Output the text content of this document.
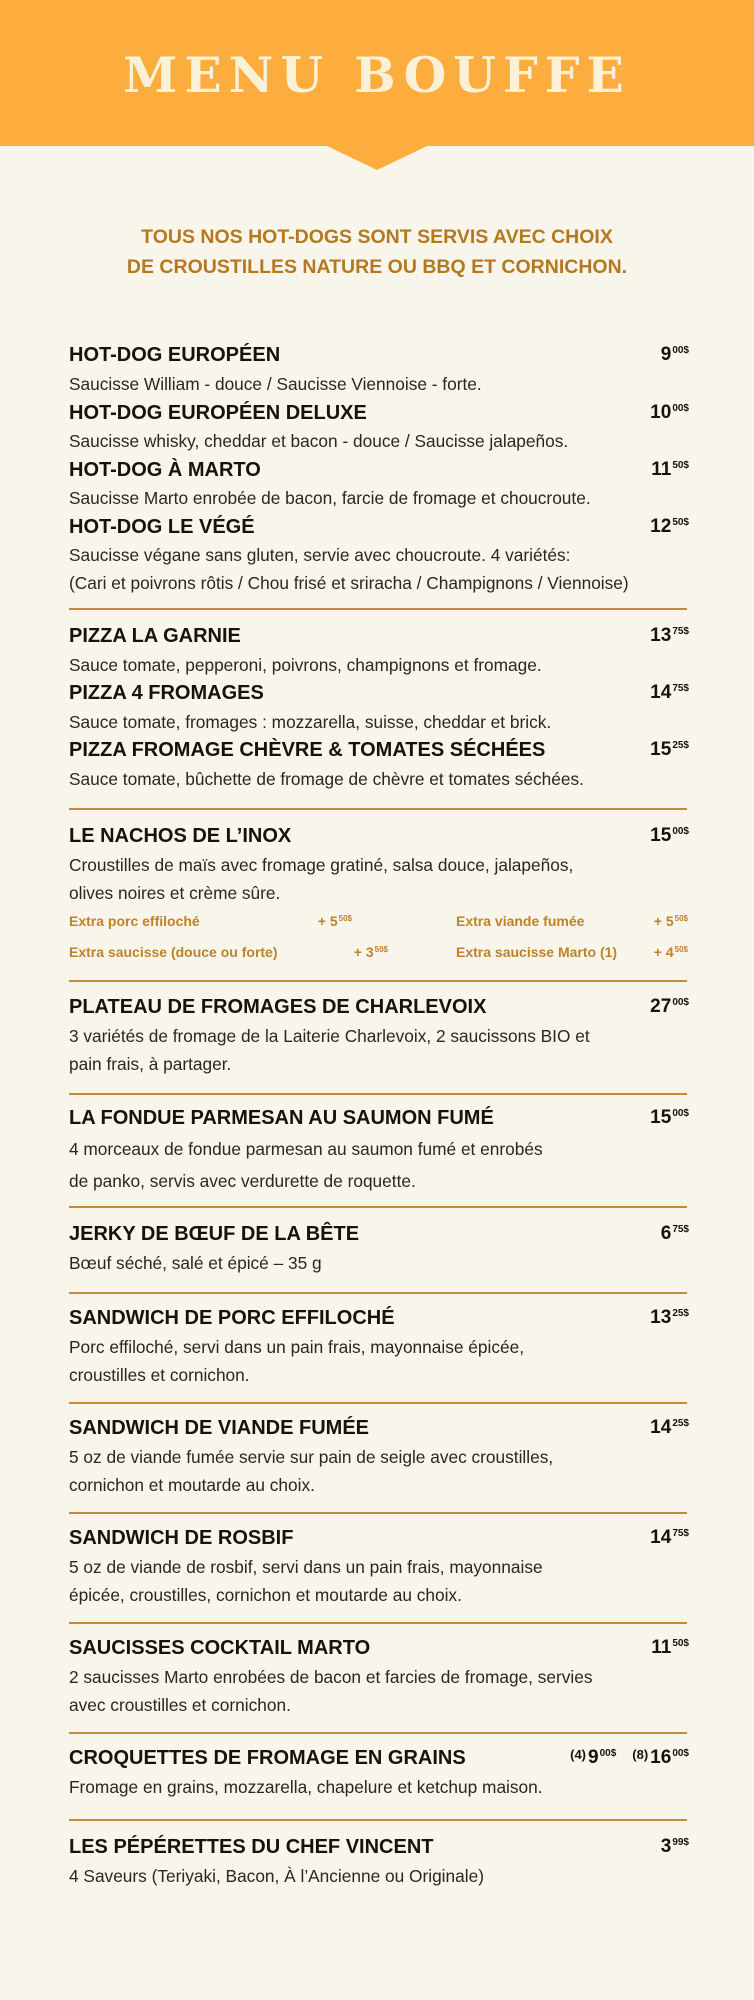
MENU BOUFFE
TOUS NOS HOT-DOGS SONT SERVIS AVEC CHOIX
DE CROUSTILLES NATURE OU BBQ ET CORNICHON.
HOT-DOG EUROPÉEN	$9^{00\$}$
Saucisse William - douce / Saucisse Viennoise - forte.
HOT-DOG EUROPÉEN DELUXE	$10^{00\$}$
Saucisse whisky, cheddar et bacon - douce / Saucisse jalapeños.
HOT-DOG À MARTO	$11^{50\$}$
Saucisse Marto enrobée de bacon, farcie de fromage et choucroute.
HOT-DOG LE VÉGÉ	$12^{50\$}$
Saucisse végane sans gluten, servie avec choucroute. 4 variétés:
(Cari et poivrons rôtis / Chou frisé et sriracha / Champignons / Viennoise)
PIZZA LA GARNIE	$13^{75\$}$
Sauce tomate, pepperoni, poivrons, champignons et fromage.
PIZZA 4 FROMAGES	$14^{75\$}$
Sauce tomate, fromages : mozzarella, suisse, cheddar et brick.
PIZZA FROMAGE CHÈVRE & TOMATES SÉCHÉES	$15^{25\$}$
Sauce tomate, bûchette de fromage de chèvre et tomates séchées.
LE NACHOS DE L’INOX	$15^{00\$}$
Croustilles de maïs avec fromage gratiné, salsa douce, jalapeños,
olives noires et crème sûre.
PLATEAU DE FROMAGES DE CHARLEVOIX	$27^{00\$}$
3 variétés de fromage de la Laiterie Charlevoix, 2 saucissons BIO et
pain frais, à partager.
LA FONDUE PARMESAN AU SAUMON FUMÉ	$15^{00\$}$
4 morceaux de fondue parmesan au saumon fumé et enrobés
de panko, servis avec verdurette de roquette.
JERKY DE BŒUF DE LA BÊTE	$6^{75\$}$
Bœuf séché, salé et épicé – 35 g
SANDWICH DE PORC EFFILOCHÉ	$13^{25\$}$
Porc effiloché, servi dans un pain frais, mayonnaise épicée,
croustilles et cornichon.
SANDWICH DE VIANDE FUMÉE	$14^{25\$}$
5 oz de viande fumée servie sur pain de seigle avec croustilles,
cornichon et moutarde au choix.
SANDWICH DE ROSBIF	$14^{75\$}$
5 oz de viande de rosbif, servi dans un pain frais, mayonnaise
épicée, croustilles, cornichon et moutarde au choix.
SAUCISSES COCKTAIL MARTO	$11^{50\$}$
2 saucisses Marto enrobées de bacon et farcies de fromage, servies
avec croustilles et cornichon.
CROQUETTES DE FROMAGE EN GRAINS	$^{(4)}$ $9^{00\$}$ $^{(8)}$ $16^{00\$}$
Fromage en grains, mozzarella, chapelure et ketchup maison.
LES PÉPÉRETTES DU CHEF VINCENT	$3^{99\$}$
4 Saveurs (Teriyaki, Bacon, À l’Ancienne ou Originale)
Extra porc effiloché	+ $5^{50\$}$	Extra viande fumée	+ $5^{50\$}$
Extra saucisse (douce ou forte)	+ $3^{50\$}$	Extra saucisse Marto (1)	+ $4^{50\$}$
